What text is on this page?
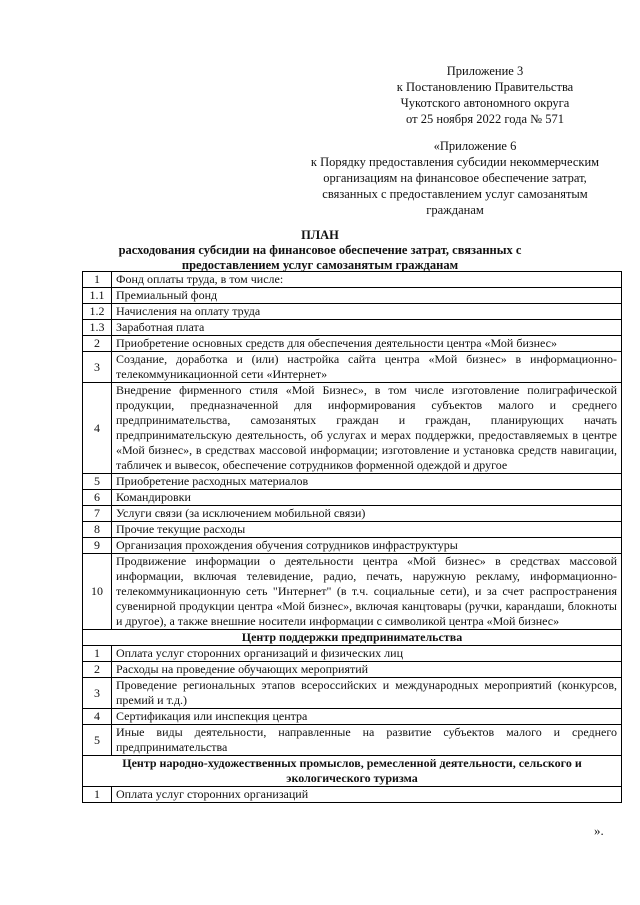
Приложение 3
к Постановлению Правительства
Чукотского автономного округа
от 25 ноября 2022 года № 571
«Приложение 6
к Порядку предоставления субсидии некоммерческим
организациям на финансовое обеспечение затрат,
связанных с предоставлением услуг самозанятым
гражданам
ПЛАН
расходования субсидии на финансовое обеспечение затрат, связанных с
предоставлением услуг самозанятым гражданам
1	Фонд оплаты труда, в том числе:
1.1	Премиальный фонд
1.2	Начисления на оплату труда
1.3	Заработная плата
2	Приобретение основных средств для обеспечения деятельности центра «Мой бизнес»
3	Создание, доработка и (или) настройка сайта центра «Мой бизнес» в информационно-телекоммуникационной сети «Интернет»
4	Внедрение фирменного стиля «Мой Бизнес», в том числе изготовление полиграфической продукции, предназначенной для информирования субъектов малого и среднего предпринимательства, самозанятых граждан и граждан, планирующих начать предпринимательскую деятельность, об услугах и мерах поддержки, предоставляемых в центре «Мой бизнес», в средствах массовой информации; изготовление и установка средств навигации, табличек и вывесок, обеспечение сотрудников форменной одеждой и другое
5	Приобретение расходных материалов
6	Командировки
7	Услуги связи (за исключением мобильной связи)
8	Прочие текущие расходы
9	Организация прохождения обучения сотрудников инфраструктуры
10	Продвижение информации о деятельности центра «Мой бизнес» в средствах массовой информации, включая телевидение, радио, печать, наружную рекламу, информационно-телекоммуникационную сеть "Интернет" (в т.ч. социальные сети), и за счет распространения сувенирной продукции центра «Мой бизнес», включая канцтовары (ручки, карандаши, блокноты и другое), а также внешние носители информации с символикой центра «Мой бизнес»
Центр поддержки предпринимательства	
1	Оплата услуг сторонних организаций и физических лиц
2	Расходы на проведение обучающих мероприятий
3	Проведение региональных этапов всероссийских и международных мероприятий (конкурсов, премий и т.д.)
4	Сертификация или инспекция центра
5	Иные виды деятельности, направленные на развитие субъектов малого и среднего предпринимательства
Центр народно-художественных промыслов, ремесленной деятельности, сельского и экологического туризма	
1	Оплата услуг сторонних организаций
».
